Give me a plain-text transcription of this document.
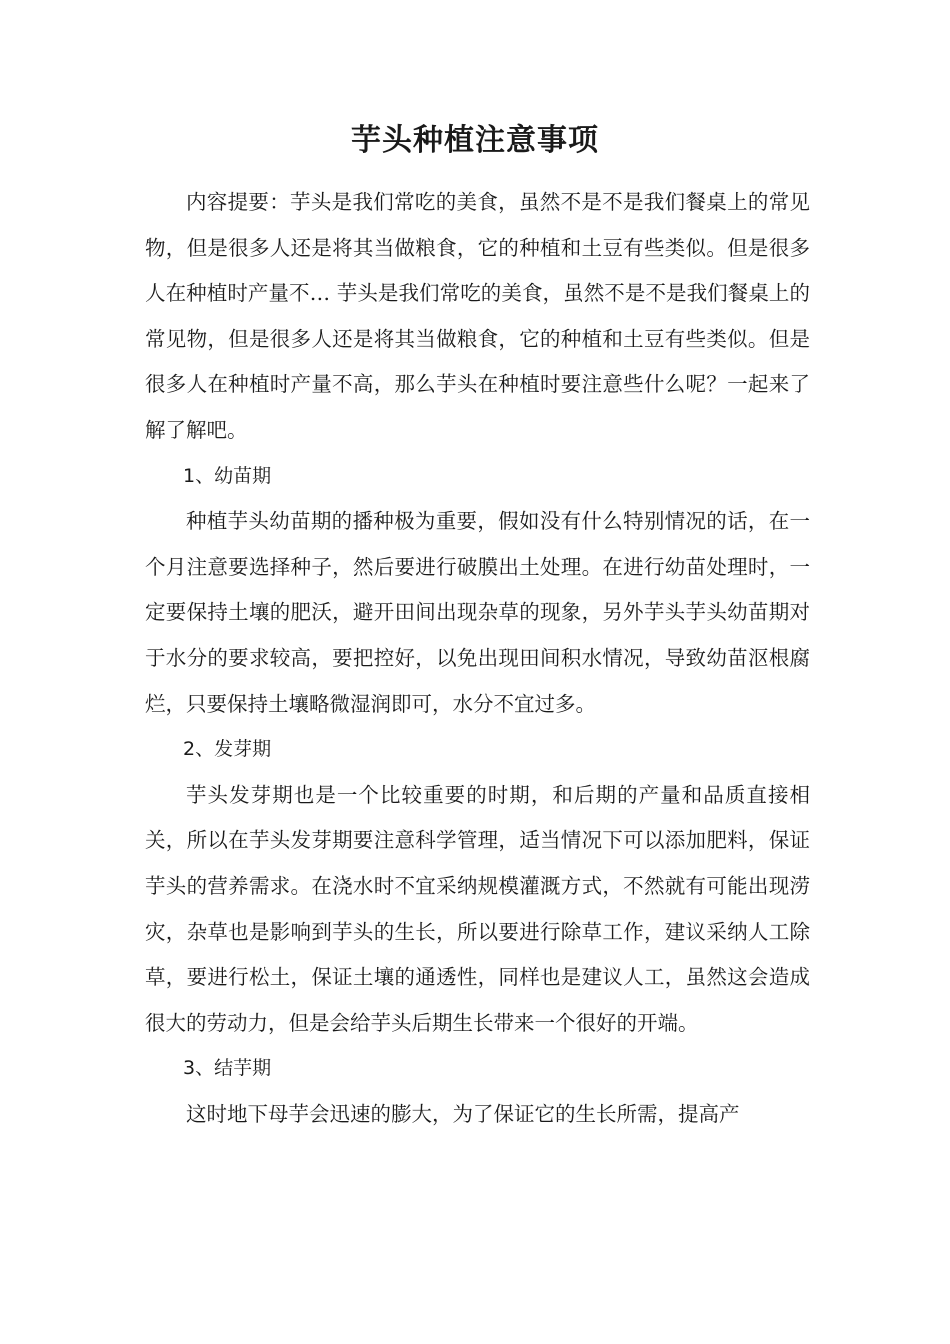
芋头种植注意事项

内容提要：芋头是我们常吃的美食，虽然不是不是我们餐桌上的常见物，但是很多人还是将其当做粮食，它的种植和土豆有些类似。但是很多人在种植时产量不… 芋头是我们常吃的美食，虽然不是不是我们餐桌上的常见物，但是很多人还是将其当做粮食，它的种植和土豆有些类似。但是很多人在种植时产量不高，那么芋头在种植时要注意些什么呢？一起来了解了解吧。

1、幼苗期

种植芋头幼苗期的播种极为重要，假如没有什么特别情况的话，在一个月注意要选择种子，然后要进行破膜出土处理。在进行幼苗处理时，一定要保持土壤的肥沃，避开田间出现杂草的现象，另外芋头芋头幼苗期对于水分的要求较高，要把控好，以免出现田间积水情况，导致幼苗沤根腐烂，只要保持土壤略微湿润即可，水分不宜过多。

2、发芽期

芋头发芽期也是一个比较重要的时期，和后期的产量和品质直接相关，所以在芋头发芽期要注意科学管理，适当情况下可以添加肥料，保证芋头的营养需求。在浇水时不宜采纳规模灌溉方式，不然就有可能出现涝灾，杂草也是影响到芋头的生长，所以要进行除草工作，建议采纳人工除草，要进行松土，保证土壤的通透性，同样也是建议人工，虽然这会造成很大的劳动力，但是会给芋头后期生长带来一个很好的开端。

3、结芋期

这时地下母芋会迅速的膨大，为了保证它的生长所需，提高产
